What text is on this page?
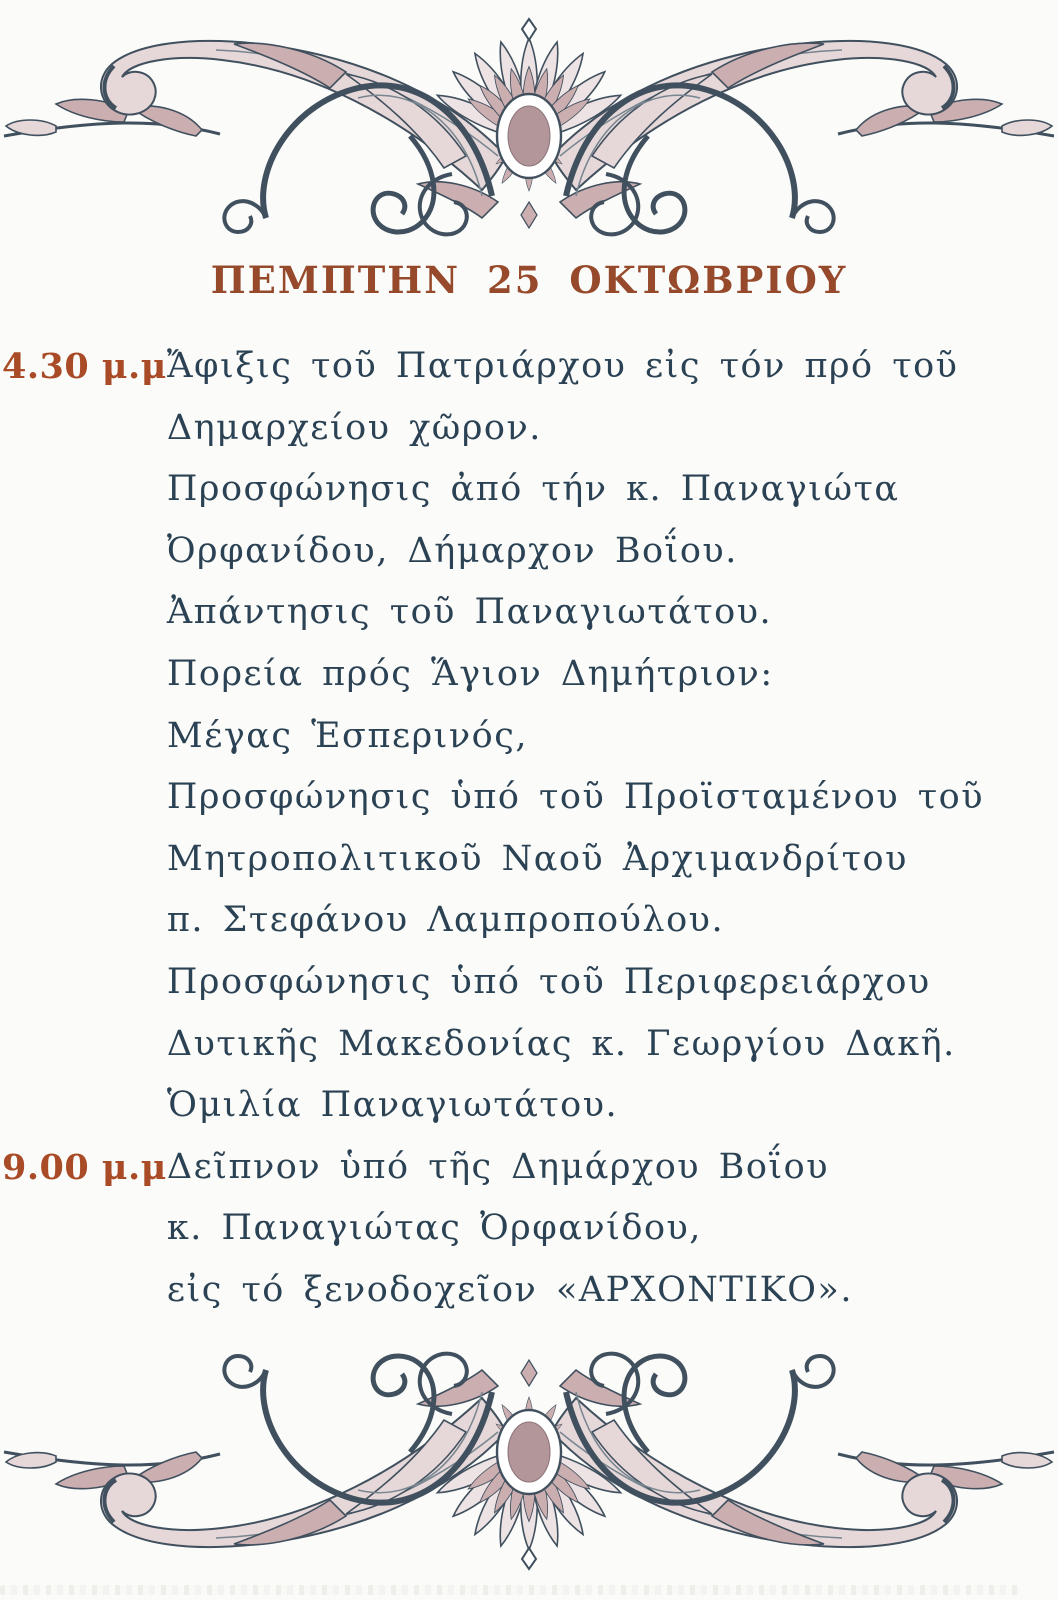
ΠΕΜΠΤΗΝ 25 ΟΚΤΩΒΡΙΟΥ
4.30 μ.μ Ἄφιξις τοῦ Πατριάρχου εἰς τόν πρό τοῦ
Δημαρχείου χῶρον.
Προσφώνησις ἀπό τήν κ. Παναγιώτα
Ὀρφανίδου, Δήμαρχον Βοΐου.
Ἀπάντησις τοῦ Παναγιωτάτου.
Πορεία πρός Ἅγιον Δημήτριον:
Μέγας Ἑσπερινός,
Προσφώνησις ὑπό τοῦ Προϊσταμένου τοῦ
Μητροπολιτικοῦ Ναοῦ Ἀρχιμανδρίτου
π. Στεφάνου Λαμπροπούλου.
Προσφώνησις ὑπό τοῦ Περιφερειάρχου
Δυτικῆς Μακεδονίας κ. Γεωργίου Δακῆ.
Ὁμιλία Παναγιωτάτου.
9.00 μ.μ Δεῖπνον ὑπό τῆς Δημάρχου Βοΐου
κ. Παναγιώτας Ὀρφανίδου,
εἰς τό ξενοδοχεῖον «ΑΡΧΟΝΤΙΚΟ».
